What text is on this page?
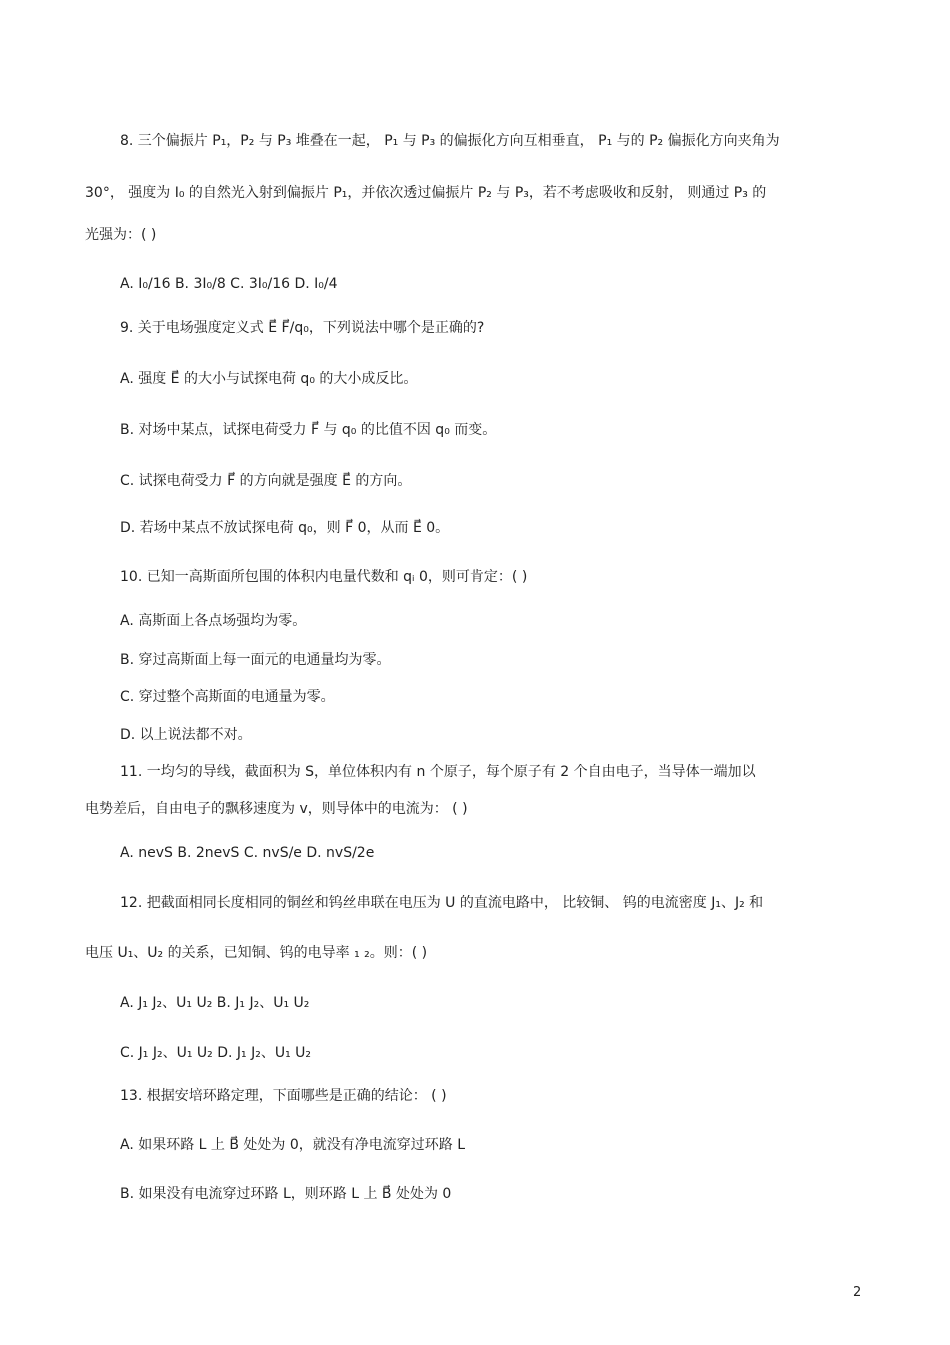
8. 三个偏振片 P₁，P₂ 与 P₃ 堆叠在一起， P₁ 与 P₃ 的偏振化方向互相垂直， P₁ 与的 P₂ 偏振化方向夹角为
30°， 强度为 I₀ 的自然光入射到偏振片 P₁，并依次透过偏振片 P₂ 与 P₃，若不考虑吸收和反射， 则通过 P₃ 的
光强为：( )
A. I₀/16 B. 3I₀/8 C. 3I₀/16 D. I₀/4
9. 关于电场强度定义式 E⃗ F⃗/q₀，下列说法中哪个是正确的?
A. 强度 E⃗ 的大小与试探电荷 q₀ 的大小成反比。
B. 对场中某点，试探电荷受力 F⃗ 与 q₀ 的比值不因 q₀ 而变。
C. 试探电荷受力 F⃗ 的方向就是强度 E⃗ 的方向。
D. 若场中某点不放试探电荷 q₀，则 F⃗ 0，从而 E⃗ 0。
10. 已知一高斯面所包围的体积内电量代数和 qᵢ 0，则可肯定：( )
A. 高斯面上各点场强均为零。
B. 穿过高斯面上每一面元的电通量均为零。
C. 穿过整个高斯面的电通量为零。
D. 以上说法都不对。
11. 一均匀的导线，截面积为 S，单位体积内有 n 个原子，每个原子有 2 个自由电子，当导体一端加以
电势差后，自由电子的飘移速度为 v，则导体中的电流为： ( )
A. nevS B. 2nevS C. nvS/e D. nvS/2e
12. 把截面相同长度相同的铜丝和钨丝串联在电压为 U 的直流电路中， 比较铜、 钨的电流密度 J₁、J₂ 和
电压 U₁、U₂ 的关系，已知铜、钨的电导率 ₁ ₂。则：( )
A. J₁ J₂、U₁ U₂ B. J₁ J₂、U₁ U₂
C. J₁ J₂、U₁ U₂ D. J₁ J₂、U₁ U₂
13. 根据安培环路定理，下面哪些是正确的结论： ( )
A. 如果环路 L 上 B⃗ 处处为 0，就没有净电流穿过环路 L
B. 如果没有电流穿过环路 L，则环路 L 上 B⃗ 处处为 0
2
